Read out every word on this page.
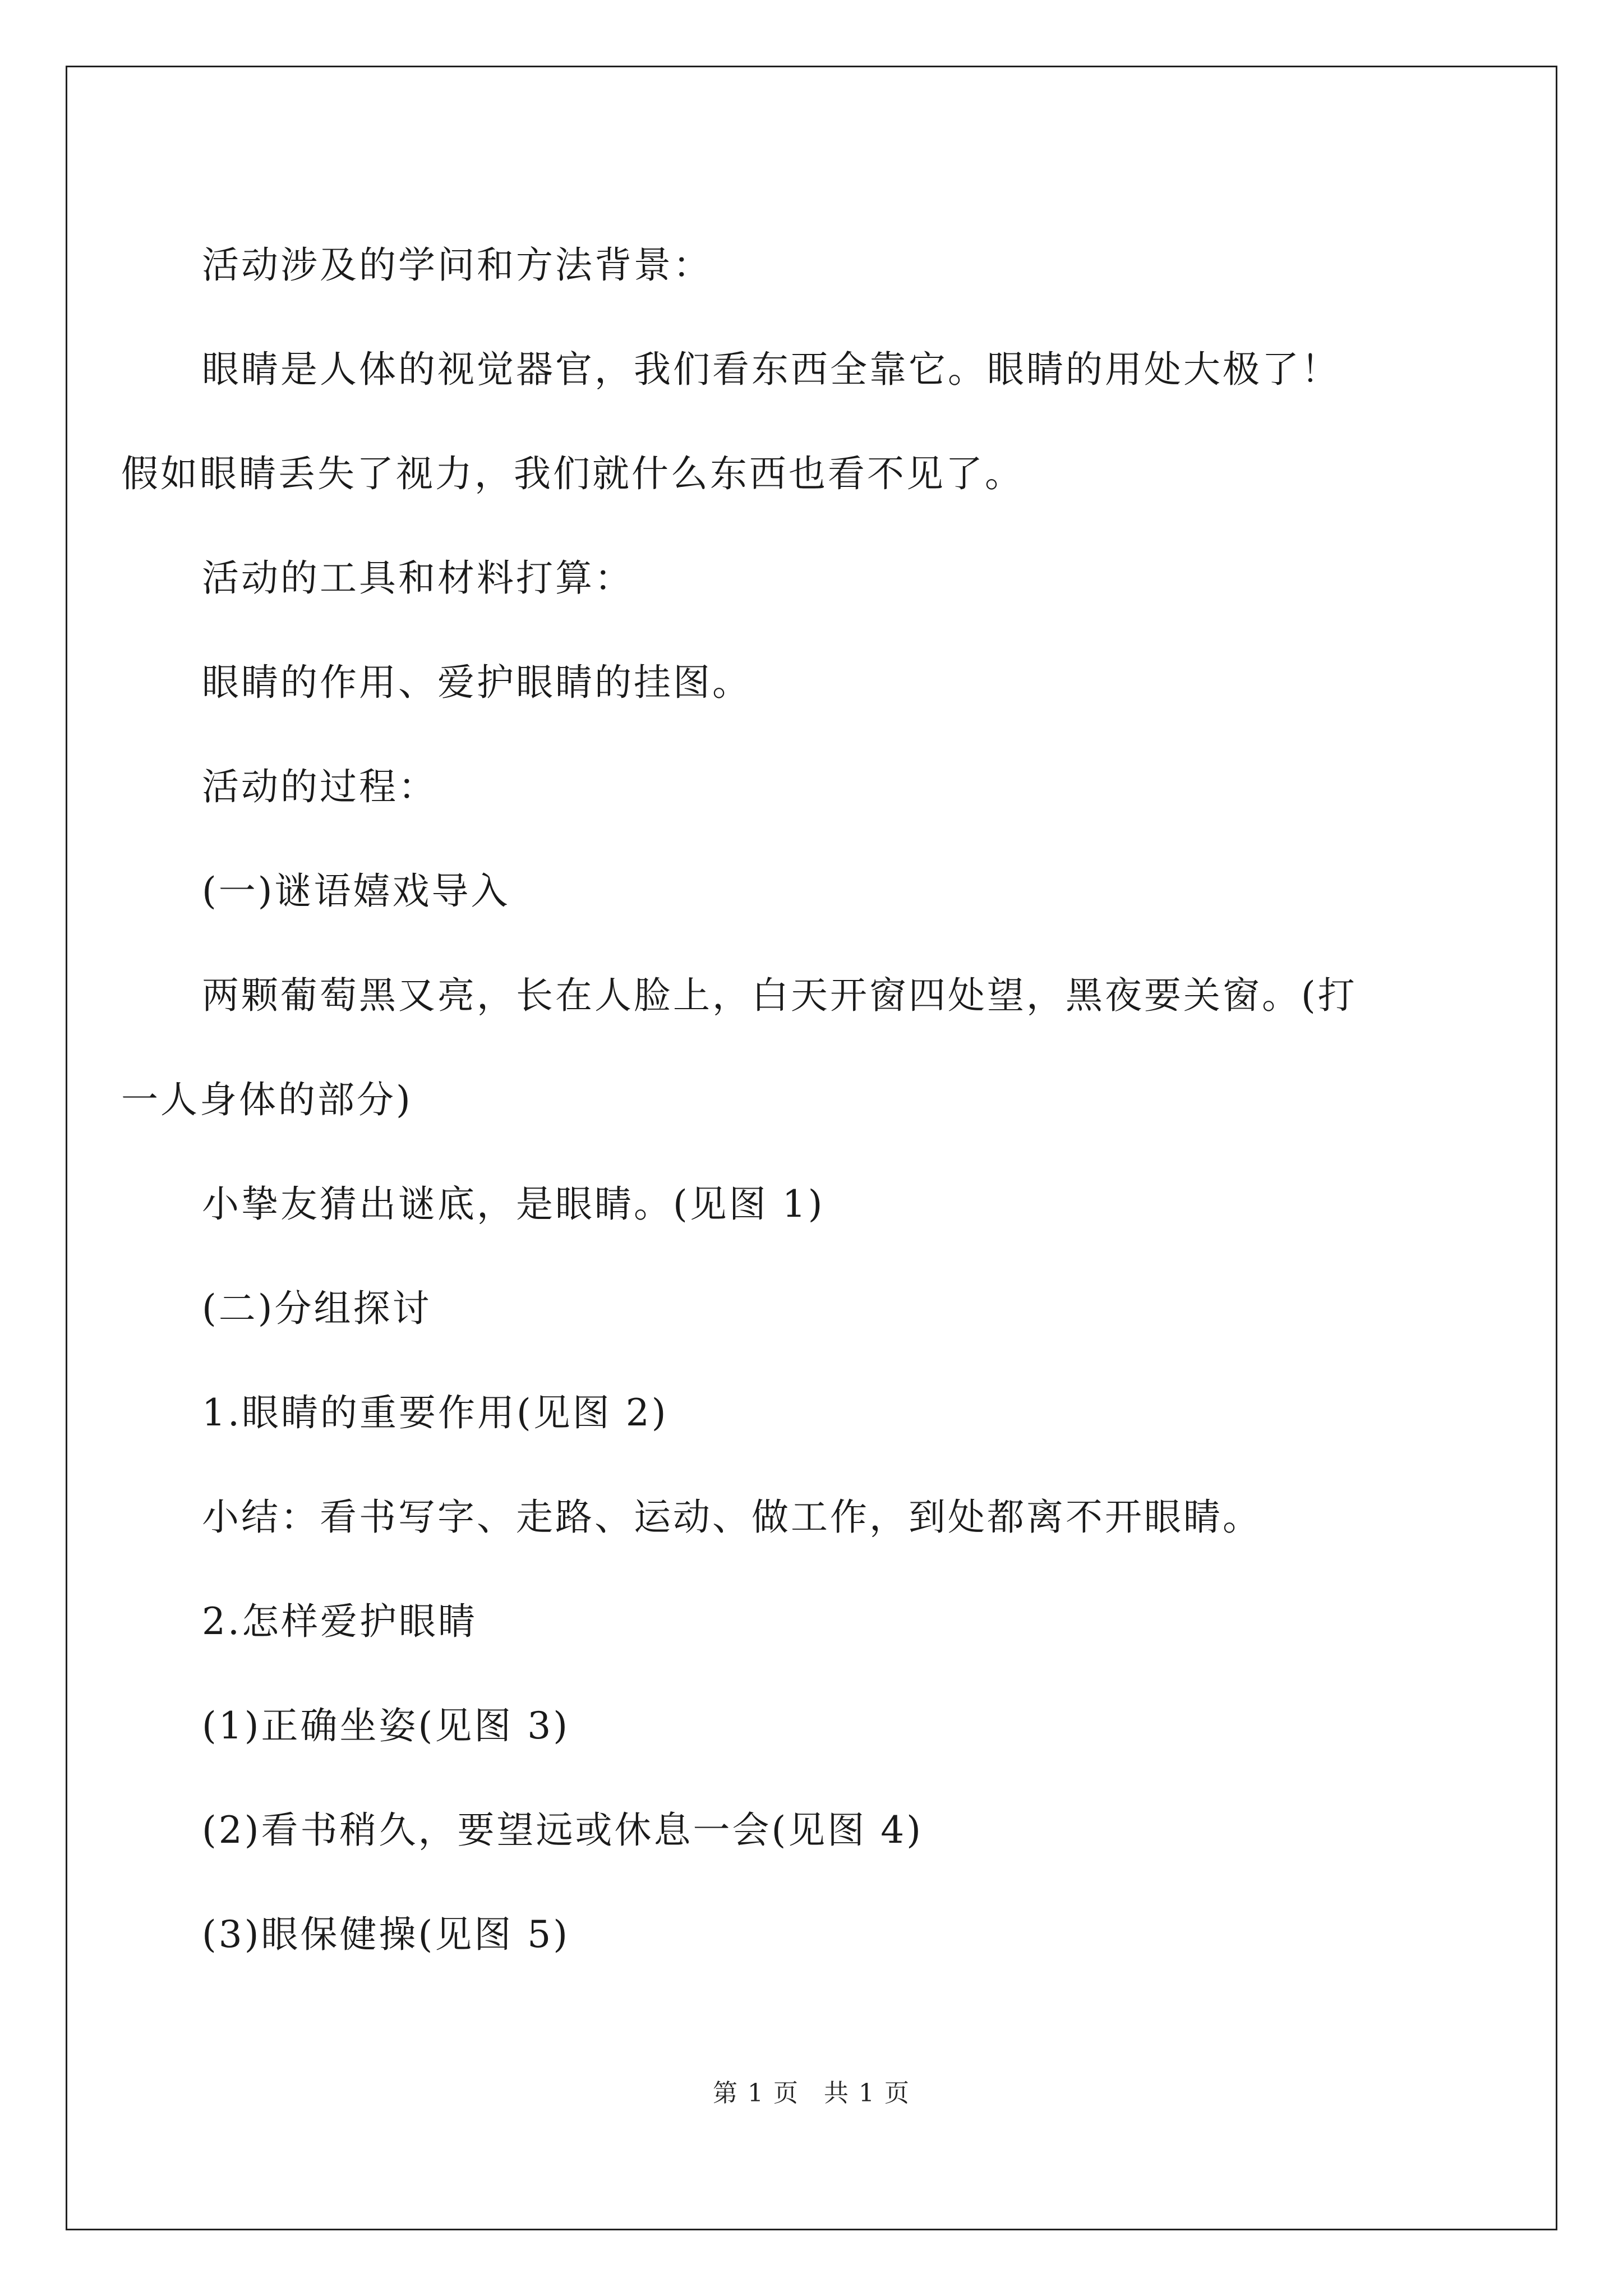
活动涉及的学问和方法背景：

眼睛是人体的视觉器官，我们看东西全靠它。眼睛的用处大极了！
假如眼睛丢失了视力，我们就什么东西也看不见了。

活动的工具和材料打算：

眼睛的作用、爱护眼睛的挂图。

活动的过程：

(一)谜语嬉戏导入

两颗葡萄黑又亮，长在人脸上，白天开窗四处望，黑夜要关窗。(打
一人身体的部分)

小挚友猜出谜底，是眼睛。(见图 1)

(二)分组探讨

1.眼睛的重要作用(见图 2)

小结：看书写字、走路、运动、做工作，到处都离不开眼睛。

2.怎样爱护眼睛

(1)正确坐姿(见图 3)

(2)看书稍久，要望远或休息一会(见图 4)

(3)眼保健操(见图 5)

第 1 页 共 1 页
